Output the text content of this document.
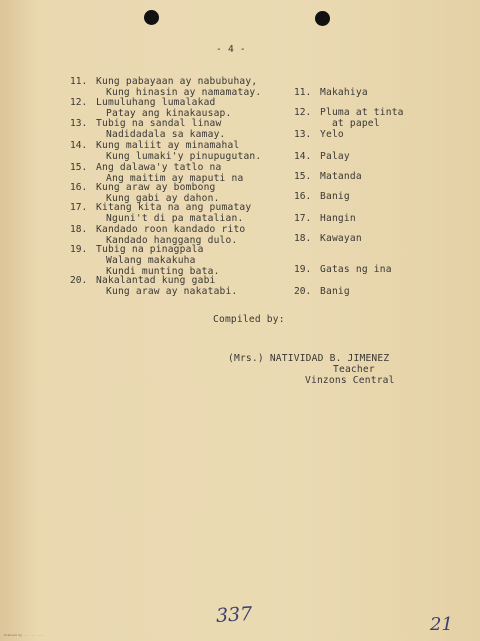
- 4 -
11. Kung pabayaan ay nabubuhay,
Kung hinasin ay namamatay.
12. Lumuluhang lumalakad
Patay ang kinakausap.
13. Tubig na sandal linaw
Nadidadala sa kamay.
14. Kung maliit ay minamahal
Kung lumaki'y pinupugutan.
15. Ang dalawa'y tatlo na
Ang maitim ay maputi na
16. Kung araw ay bombong
Kung gabi ay dahon.
17. Kitang kita na ang pumatay
Nguni't di pa matalian.
18. Kandado roon kandado rito
Kandado hanggang dulo.
19. Tubig na pinagpala
Walang makakuha
Kundi munting bata.
20. Nakalantad kung gabi
Kung araw ay nakatabi.
11. Makahiya
12. Pluma at tinta
at papel
13. Yelo
14. Palay
15. Matanda
16. Banig
17. Hangin
18. Kawayan
19. Gatas ng ina
20. Banig
Compiled by:
(Mrs.) NATIVIDAD B. JIMENEZ
Teacher
Vinzons Central
337	21
Scanned by ... ... ...
